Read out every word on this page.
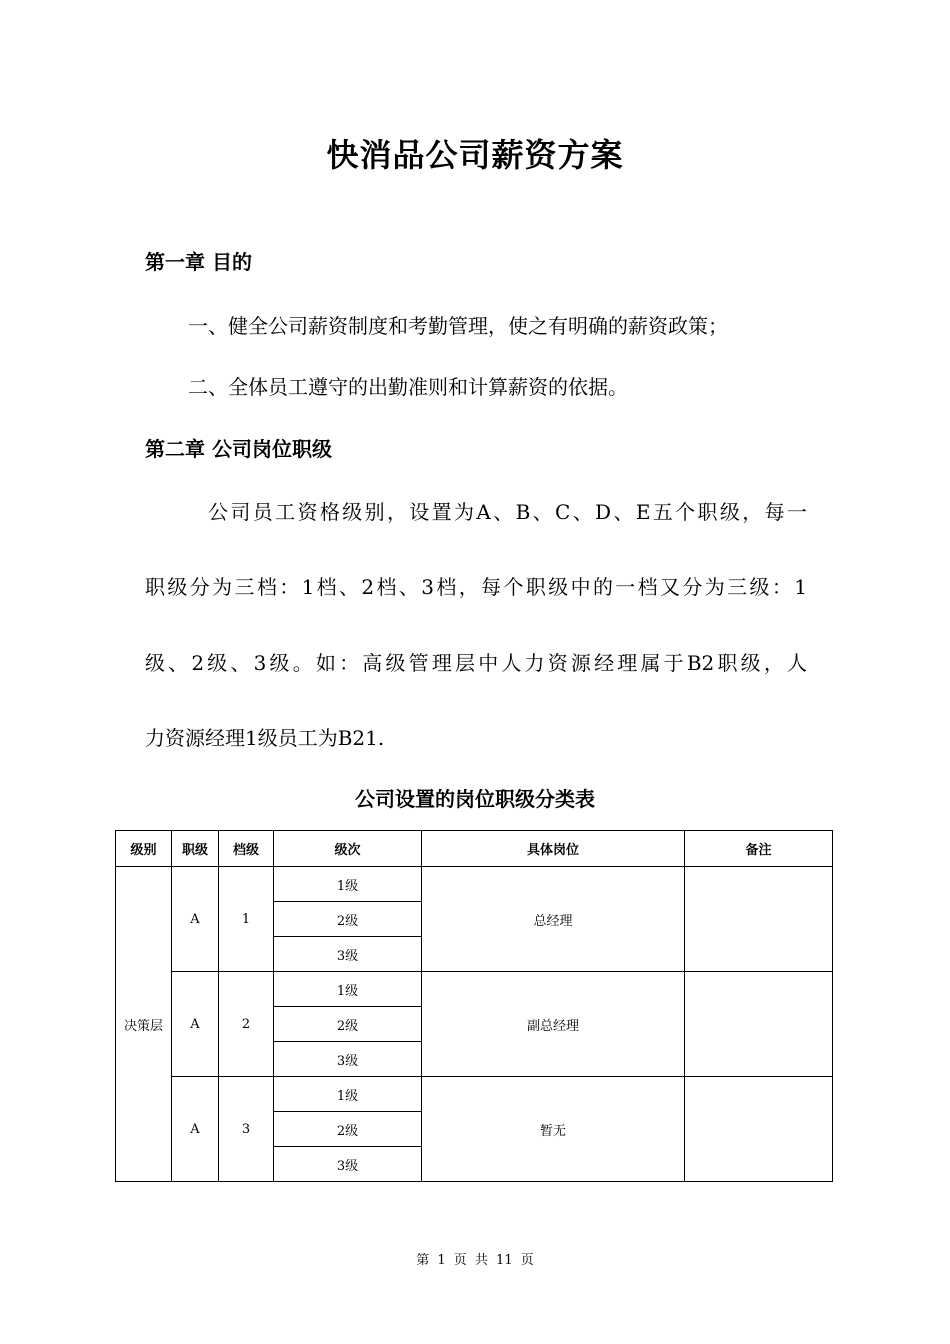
快消品公司薪资方案
第一章 目的
一、健全公司薪资制度和考勤管理，使之有明确的薪资政策；
二、全体员工遵守的出勤准则和计算薪资的依据。
第二章 公司岗位职级
公司员工资格级别，设置为A、B、C、D、E五个职级，每一
职级分为三档：1档、2档、3档，每个职级中的一档又分为三级：1
级、2级、3级。如：高级管理层中人力资源经理属于B2职级，人
力资源经理1级员工为B21.
公司设置的岗位职级分类表
级别	职级	档级	级次	具体岗位	备注
决策层	A	1	1级	总经理	
			2级		
			3级		
	A	2	1级	副总经理	
			2级		
			3级		
	A	3	1级	暂无	
			2级		
			3级		
第 1 页 共 11 页
